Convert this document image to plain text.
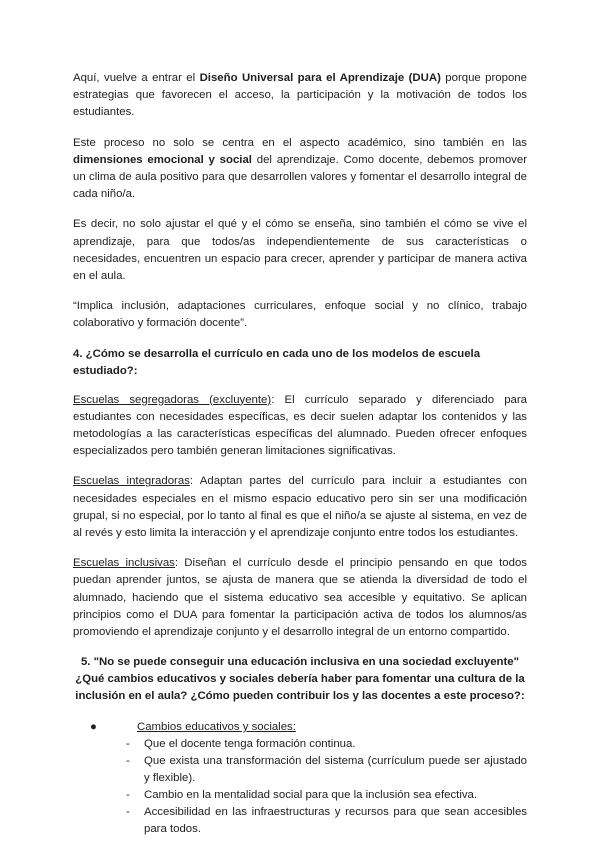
Aquí, vuelve a entrar el Diseño Universal para el Aprendizaje (DUA) porque propone estrategias que favorecen el acceso, la participación y la motivación de todos los estudiantes.

Este proceso no solo se centra en el aspecto académico, sino también en las dimensiones emocional y social del aprendizaje. Como docente, debemos promover un clima de aula positivo para que desarrollen valores y fomentar el desarrollo integral de cada niño/a.

Es decir, no solo ajustar el qué y el cómo se enseña, sino también el cómo se vive el aprendizaje, para que todos/as independientemente de sus características o necesidades, encuentren un espacio para crecer, aprender y participar de manera activa en el aula.

“Implica inclusión, adaptaciones curriculares, enfoque social y no clínico, trabajo colaborativo y formación docente”.

4. ¿Cómo se desarrolla el currículo en cada uno de los modelos de escuela estudiado?:

Escuelas segregadoras (excluyente): El currículo separado y diferenciado para estudiantes con necesidades específicas, es decir suelen adaptar los contenidos y las metodologías a las características específicas del alumnado. Pueden ofrecer enfoques especializados pero también generan limitaciones significativas.

Escuelas integradoras: Adaptan partes del currículo para incluir a estudiantes con necesidades especiales en el mismo espacio educativo pero sin ser una modificación grupal, si no especial, por lo tanto al final es que el niño/a se ajuste al sistema, en vez de al revés y esto limita la interacción y el aprendizaje conjunto entre todos los estudiantes.

Escuelas inclusivas: Diseñan el currículo desde el principio pensando en que todos puedan aprender juntos, se ajusta de manera que se atienda la diversidad de todo el alumnado, haciendo que el sistema educativo sea accesible y equitativo. Se aplican principios como el DUA para fomentar la participación activa de todos los alumnos/as promoviendo el aprendizaje conjunto y el desarrollo integral de un entorno compartido.

5. "No se puede conseguir una educación inclusiva en una sociedad excluyente" ¿Qué cambios educativos y sociales debería haber para fomentar una cultura de la inclusión en el aula? ¿Cómo pueden contribuir los y las docentes a este proceso?:
●	Cambios educativos y sociales:
- Que el docente tenga formación continua.
- Que exista una transformación del sistema (currículum puede ser ajustado y flexible).
- Cambio en la mentalidad social para que la inclusión sea efectiva.
- Accesibilidad en las infraestructuras y recursos para que sean accesibles para todos.
